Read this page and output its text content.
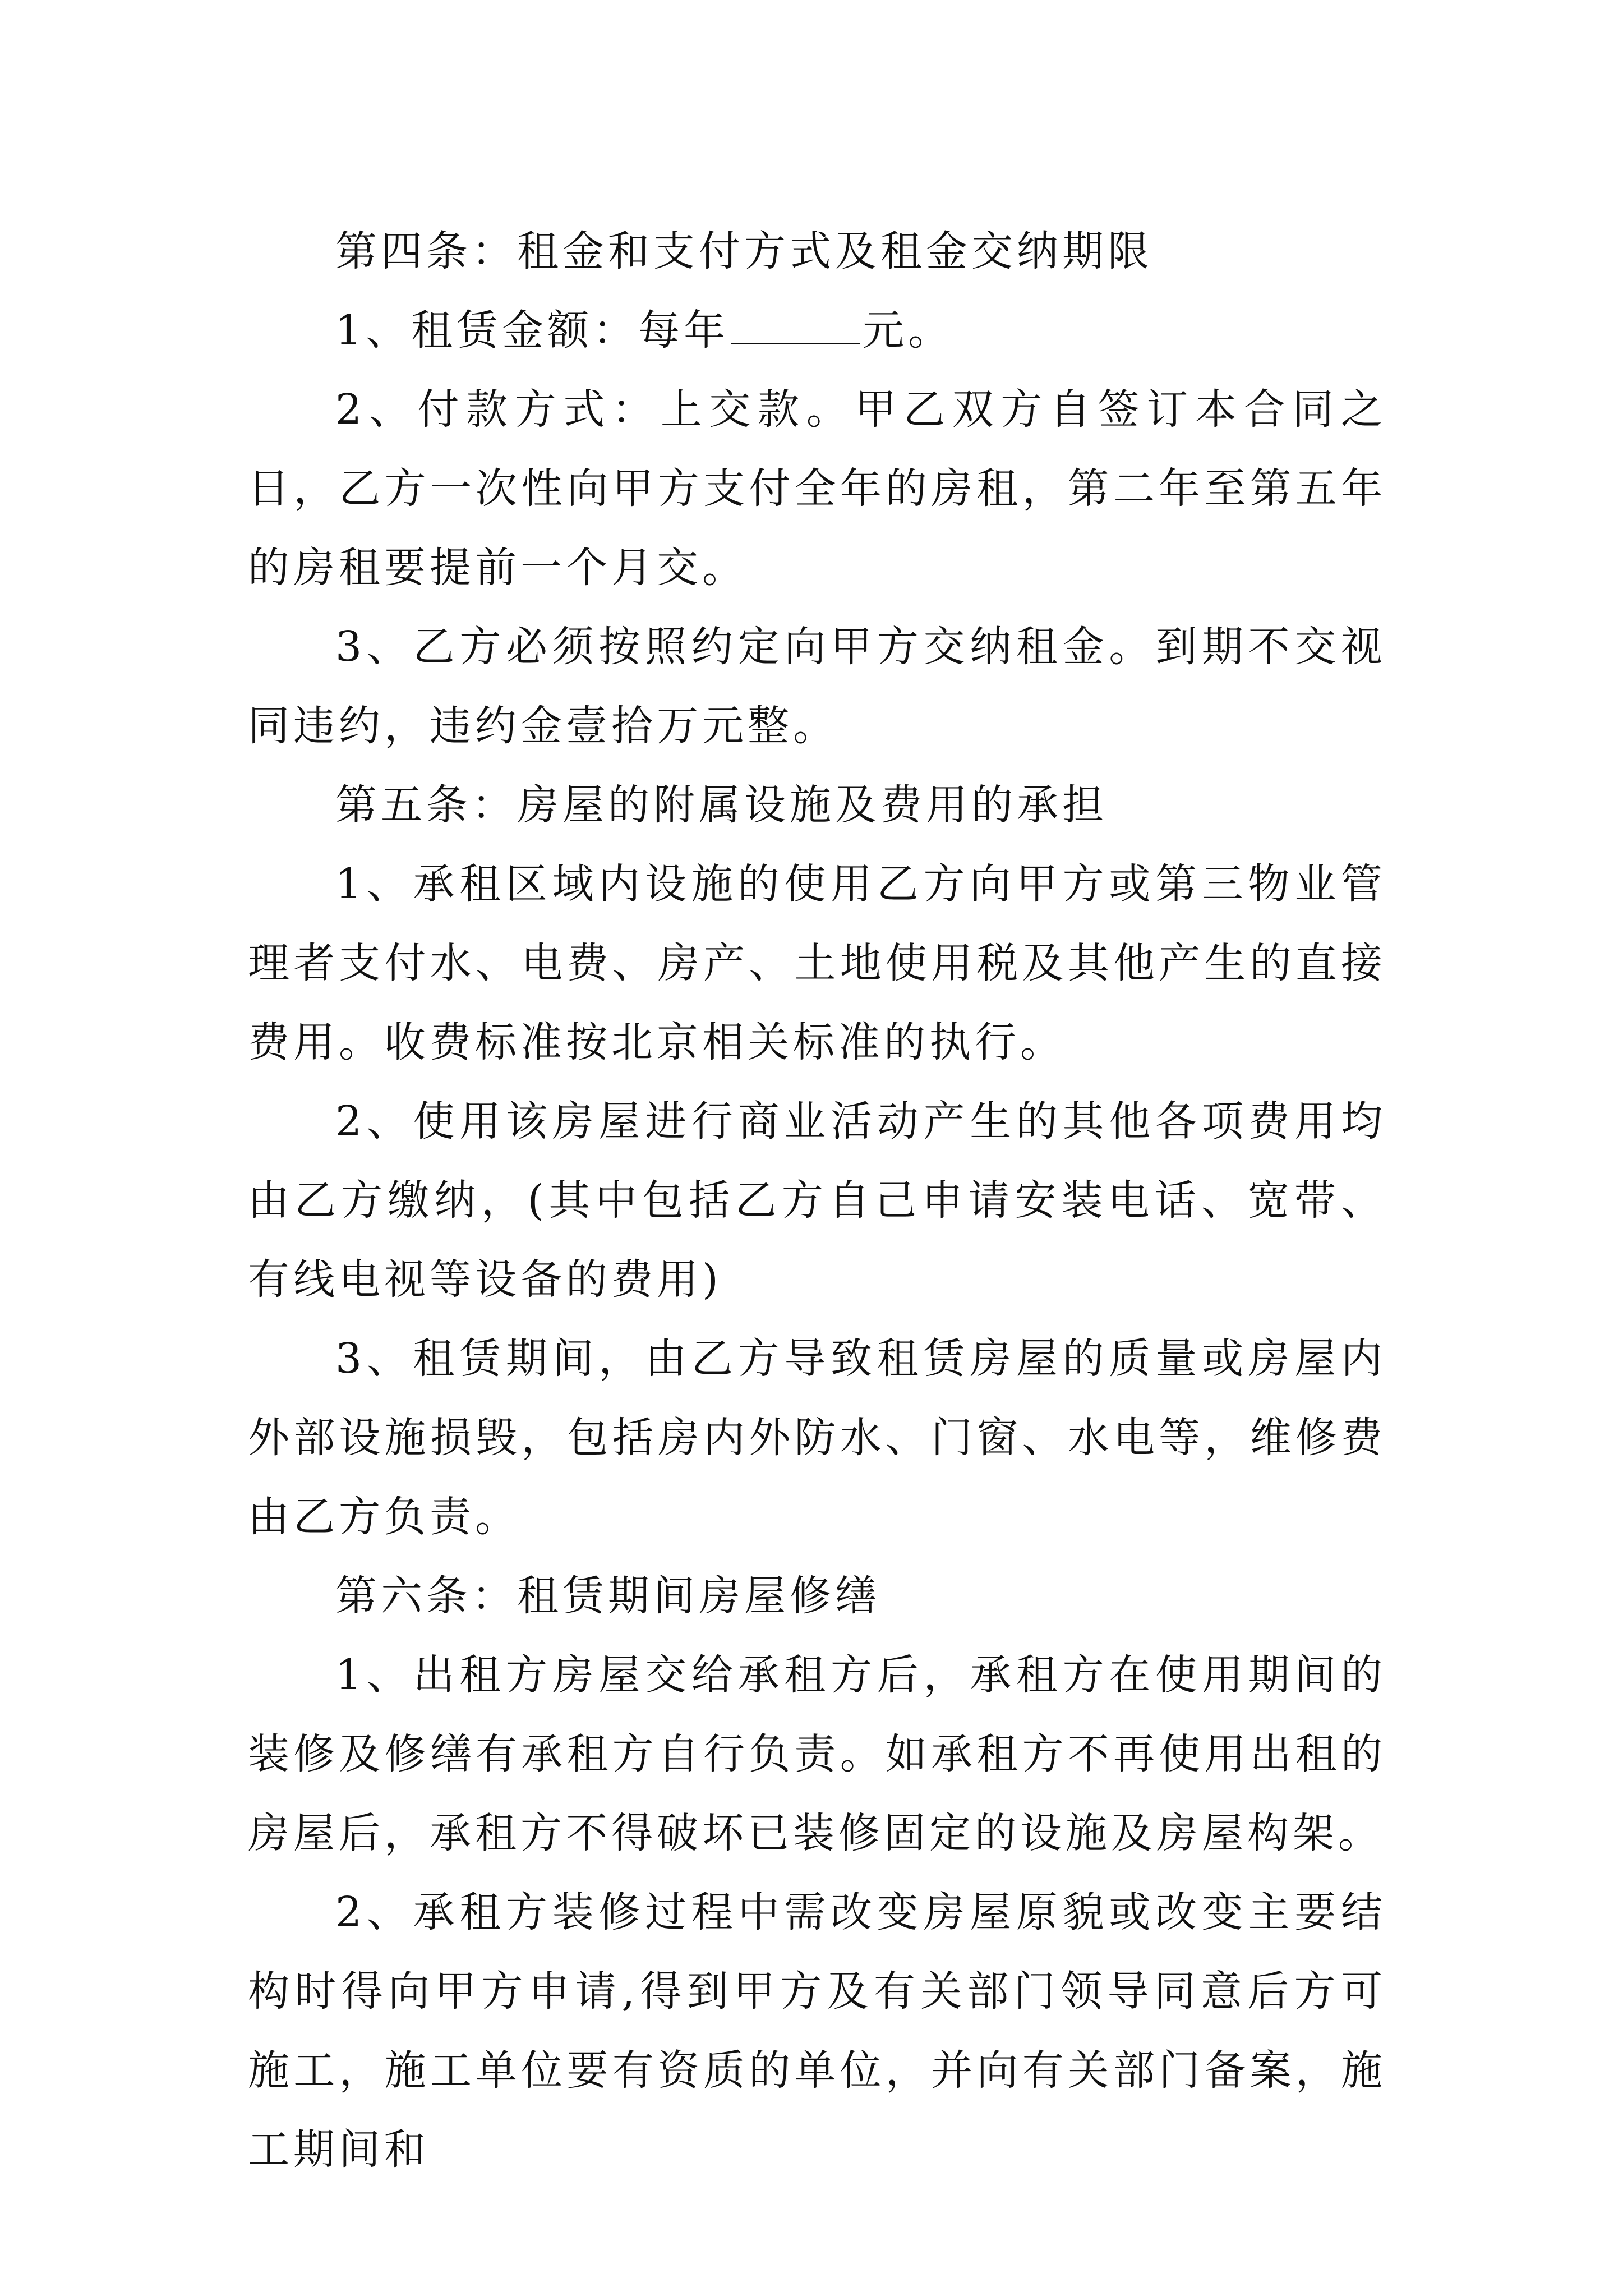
第四条：租金和支付方式及租金交纳期限

1、租赁金额：每年	元。

2、付款方式：上交款。甲乙双方自签订本合同之日，乙方一次性向甲方支付全年的房租，第二年至第五年的房租要提前一个月交。

3、乙方必须按照约定向甲方交纳租金。到期不交视同违约，违约金壹拾万元整。

第五条：房屋的附属设施及费用的承担

1、承租区域内设施的使用乙方向甲方或第三物业管理者支付水、电费、房产、土地使用税及其他产生的直接费用。收费标准按北京相关标准的执行。

2、使用该房屋进行商业活动产生的其他各项费用均由乙方缴纳，(其中包括乙方自己申请安装电话、宽带、有线电视等设备的费用)

3、租赁期间，由乙方导致租赁房屋的质量或房屋内外部设施损毁，包括房内外防水、门窗、水电等，维修费由乙方负责。

第六条：租赁期间房屋修缮

1、出租方房屋交给承租方后，承租方在使用期间的装修及修缮有承租方自行负责。如承租方不再使用出租的房屋后，承租方不得破坏已装修固定的设施及房屋构架。

2、承租方装修过程中需改变房屋原貌或改变主要结构时得向甲方申请,得到甲方及有关部门领导同意后方可施工，施工单位要有资质的单位，并向有关部门备案，施工期间和
